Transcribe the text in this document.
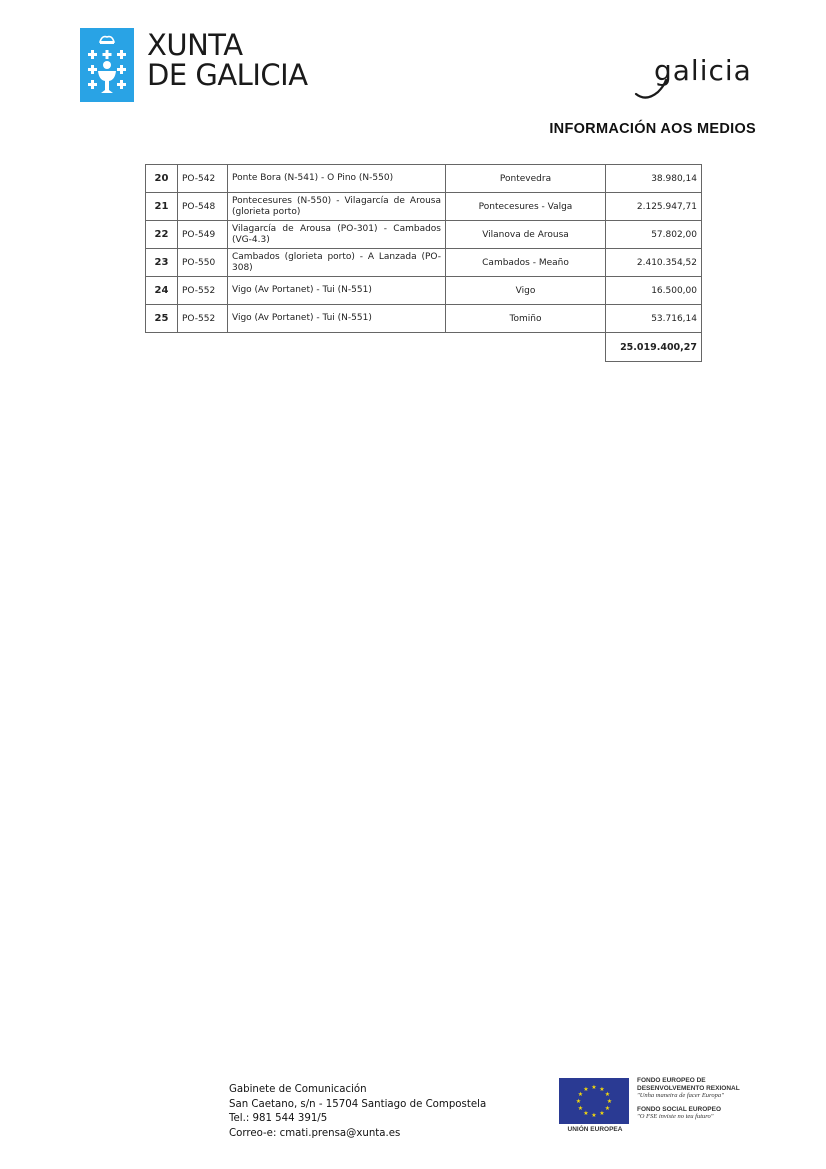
XUNTA
DE GALICIA	galicia
INFORMACIÓN AOS MEDIOS
20	PO-542	Ponte Bora (N-541) - O Pino (N-550)	Pontevedra	38.980,14
21	PO-548	Pontecesures (N-550) - Vilagarcía de Arousa (glorieta porto)	Pontecesures - Valga	2.125.947,71
22	PO-549	Vilagarcía de Arousa (PO-301) - Cambados (VG-4.3)	Vilanova de Arousa	57.802,00
23	PO-550	Cambados (glorieta porto) - A Lanzada (PO-308)	Cambados - Meaño	2.410.354,52
24	PO-552	Vigo (Av Portanet) - Tui (N-551)	Vigo	16.500,00
25	PO-552	Vigo (Av Portanet) - Tui (N-551)	Tomiño	53.716,14
				25.019.400,27
Gabinete de Comunicación
San Caetano, s/n - 15704 Santiago de Compostela
Tel.: 981 544 391/5
Correo-e: cmati.prensa@xunta.es
★ ★
★
★
★
★
★
★
★
★
★
★
UNIÓN EUROPEA
FONDO EUROPEO DE
DESENVOLVEMENTO REXIONAL
"Unha maneira de facer Europa"
FONDO SOCIAL EUROPEO
"O FSE inviste no teu futuro"
